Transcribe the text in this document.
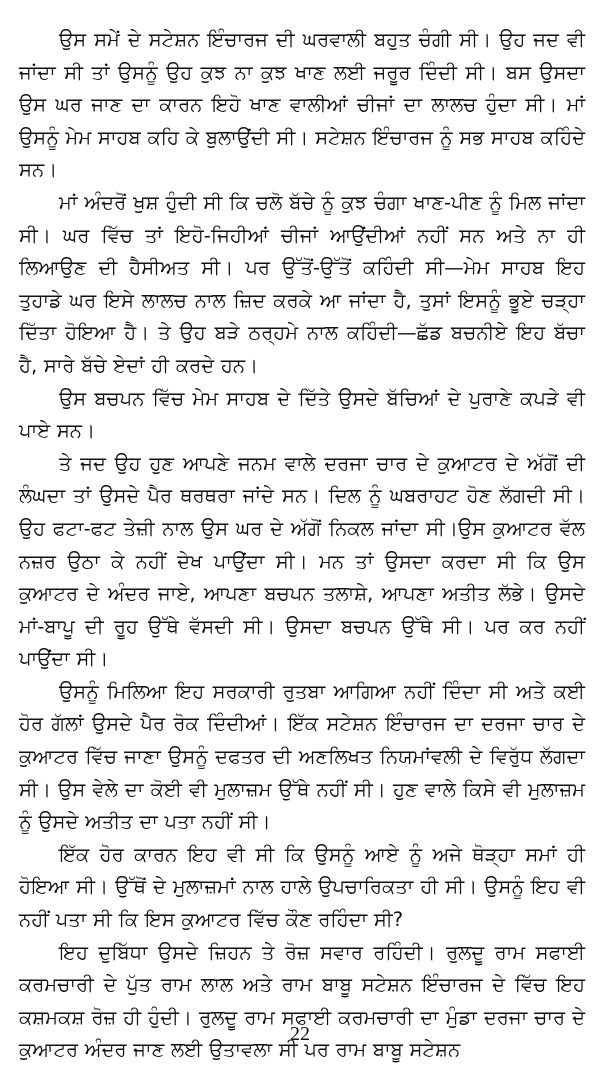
ਉਸ ਸਮੇਂ ਦੇ ਸਟੇਸ਼ਨ ਇੰਚਾਰਜ ਦੀ ਘਰਵਾਲੀ ਬਹੁਤ ਚੰਗੀ ਸੀ। ਉਹ ਜਦ ਵੀ ਜਾਂਦਾ ਸੀ ਤਾਂ ਉਸਨੂੰ ਉਹ ਕੁਝ ਨਾ ਕੁਝ ਖਾਣ ਲਈ ਜਰੂਰ ਦਿੰਦੀ ਸੀ। ਬਸ ਉਸਦਾ ਉਸ ਘਰ ਜਾਣ ਦਾ ਕਾਰਨ ਇਹੋ ਖਾਣ ਵਾਲੀਆਂ ਚੀਜਾਂ ਦਾ ਲਾਲਚ ਹੁੰਦਾ ਸੀ। ਮਾਂ ਉਸਨੂੰ ਮੇਮ ਸਾਹਬ ਕਹਿ ਕੇ ਬੁਲਾਉਂਦੀ ਸੀ। ਸਟੇਸ਼ਨ ਇੰਚਾਰਜ ਨੂੰ ਸਭ ਸਾਹਬ ਕਹਿੰਦੇ ਸਨ।

ਮਾਂ ਅੰਦਰੋਂ ਖੁਸ਼ ਹੁੰਦੀ ਸੀ ਕਿ ਚਲੋ ਬੱਚੇ ਨੂੰ ਕੁਝ ਚੰਗਾ ਖਾਣ-ਪੀਣ ਨੂੰ ਮਿਲ ਜਾਂਦਾ ਸੀ। ਘਰ ਵਿੱਚ ਤਾਂ ਇਹੋ-ਜਿਹੀਆਂ ਚੀਜਾਂ ਆਉਂਦੀਆਂ ਨਹੀਂ ਸਨ ਅਤੇ ਨਾ ਹੀ ਲਿਆਉਣ ਦੀ ਹੈਸੀਅਤ ਸੀ। ਪਰ ਉੱਤੋਂ-ਉੱਤੋਂ ਕਹਿੰਦੀ ਸੀ—ਮੇਮ ਸਾਹਬ ਇਹ ਤੁਹਾਡੇ ਘਰ ਇਸੇ ਲਾਲਚ ਨਾਲ ਜ਼ਿਦ ਕਰਕੇ ਆ ਜਾਂਦਾ ਹੈ, ਤੁਸਾਂ ਇਸਨੂੰ ਭੂਏ ਚੜ੍ਹਾ ਦਿੱਤਾ ਹੋਇਆ ਹੈ। ਤੇ ਉਹ ਬੜੇ ਠਰ੍ਹਮੇ ਨਾਲ ਕਹਿੰਦੀ—ਛੱਡ ਬਚਨੀਏ ਇਹ ਬੱਚਾ ਹੈ, ਸਾਰੇ ਬੱਚੇ ਏਦਾਂ ਹੀ ਕਰਦੇ ਹਨ।

ਉਸ ਬਚਪਨ ਵਿੱਚ ਮੇਮ ਸਾਹਬ ਦੇ ਦਿੱਤੇ ਉਸਦੇ ਬੱਚਿਆਂ ਦੇ ਪੁਰਾਣੇ ਕਪੜੇ ਵੀ ਪਾਏ ਸਨ।

ਤੇ ਜਦ ਉਹ ਹੁਣ ਆਪਣੇ ਜਨਮ ਵਾਲੇ ਦਰਜਾ ਚਾਰ ਦੇ ਕੁਆਟਰ ਦੇ ਅੱਗੋਂ ਦੀ ਲੰਘਦਾ ਤਾਂ ਉਸਦੇ ਪੈਰ ਥਰਥਰਾ ਜਾਂਦੇ ਸਨ। ਦਿਲ ਨੂੰ ਘਬਰਾਹਟ ਹੋਣ ਲੱਗਦੀ ਸੀ। ਉਹ ਫਟਾ-ਫਟ ਤੇਜ਼ੀ ਨਾਲ ਉਸ ਘਰ ਦੇ ਅੱਗੋਂ ਨਿਕਲ ਜਾਂਦਾ ਸੀ।ਉਸ ਕੁਆਟਰ ਵੱਲ ਨਜ਼ਰ ਉਠਾ ਕੇ ਨਹੀਂ ਦੇਖ ਪਾਉਂਦਾ ਸੀ। ਮਨ ਤਾਂ ਉਸਦਾ ਕਰਦਾ ਸੀ ਕਿ ਉਸ ਕੁਆਟਰ ਦੇ ਅੰਦਰ ਜਾਏ, ਆਪਣਾ ਬਚਪਨ ਤਲਾਸ਼ੇ, ਆਪਣਾ ਅਤੀਤ ਲੱਭੇ। ਉਸਦੇ ਮਾਂ-ਬਾਪੂ ਦੀ ਰੂਹ ਉੱਥੇ ਵੱਸਦੀ ਸੀ। ਉਸਦਾ ਬਚਪਨ ਉੱਥੇ ਸੀ। ਪਰ ਕਰ ਨਹੀਂ ਪਾਉਂਦਾ ਸੀ।

ਉਸਨੂੰ ਮਿਲਿਆ ਇਹ ਸਰਕਾਰੀ ਰੁਤਬਾ ਆਗਿਆ ਨਹੀਂ ਦਿੰਦਾ ਸੀ ਅਤੇ ਕਈ ਹੋਰ ਗੱਲਾਂ ਉਸਦੇ ਪੈਰ ਰੋਕ ਦਿੰਦੀਆਂ। ਇੱਕ ਸਟੇਸ਼ਨ ਇੰਚਾਰਜ ਦਾ ਦਰਜਾ ਚਾਰ ਦੇ ਕੁਆਟਰ ਵਿੱਚ ਜਾਣਾ ਉਸਨੂੰ ਦਫਤਰ ਦੀ ਅਣਲਿਖਤ ਨਿਯਮਾਂਵਲੀ ਦੇ ਵਿਰੁੱਧ ਲੱਗਦਾ ਸੀ। ਉਸ ਵੇਲੇ ਦਾ ਕੋਈ ਵੀ ਮੁਲਾਜ਼ਮ ਉੱਥੇ ਨਹੀਂ ਸੀ। ਹੁਣ ਵਾਲੇ ਕਿਸੇ ਵੀ ਮੁਲਾਜ਼ਮ ਨੂੰ ਉਸਦੇ ਅਤੀਤ ਦਾ ਪਤਾ ਨਹੀਂ ਸੀ।

ਇੱਕ ਹੋਰ ਕਾਰਨ ਇਹ ਵੀ ਸੀ ਕਿ ਉਸਨੂੰ ਆਏ ਨੂੰ ਅਜੇ ਥੋੜ੍ਹਾ ਸਮਾਂ ਹੀ ਹੋਇਆ ਸੀ। ਉੱਥੋਂ ਦੇ ਮੁਲਾਜ਼ਮਾਂ ਨਾਲ ਹਾਲੇ ਉਪਚਾਰਿਕਤਾ ਹੀ ਸੀ। ਉਸਨੂੰ ਇਹ ਵੀ ਨਹੀਂ ਪਤਾ ਸੀ ਕਿ ਇਸ ਕੁਆਟਰ ਵਿੱਚ ਕੌਣ ਰਹਿੰਦਾ ਸੀ?

ਇਹ ਦੁਬਿੱਧਾ ਉਸਦੇ ਜ਼ਿਹਨ ਤੇ ਰੋਜ਼ ਸਵਾਰ ਰਹਿੰਦੀ। ਰੁਲਦੂ ਰਾਮ ਸਫਾਈ ਕਰਮਚਾਰੀ ਦੇ ਪੁੱਤ ਰਾਮ ਲਾਲ ਅਤੇ ਰਾਮ ਬਾਬੂ ਸਟੇਸ਼ਨ ਇੰਚਾਰਜ ਦੇ ਵਿੱਚ ਇਹ ਕਸ਼ਮਕਸ਼ ਰੋਜ਼ ਹੀ ਹੁੰਦੀ। ਰੁਲਦੂ ਰਾਮ ਸਫਾਈ ਕਰਮਚਾਰੀ ਦਾ ਮੁੰਡਾ ਦਰਜਾ ਚਾਰ ਦੇ ਕੁਆਟਰ ਅੰਦਰ ਜਾਣ ਲਈ ਉਤਾਵਲਾ ਸੀ ਪਰ ਰਾਮ ਬਾਬੂ ਸਟੇਸ਼ਨ

22
